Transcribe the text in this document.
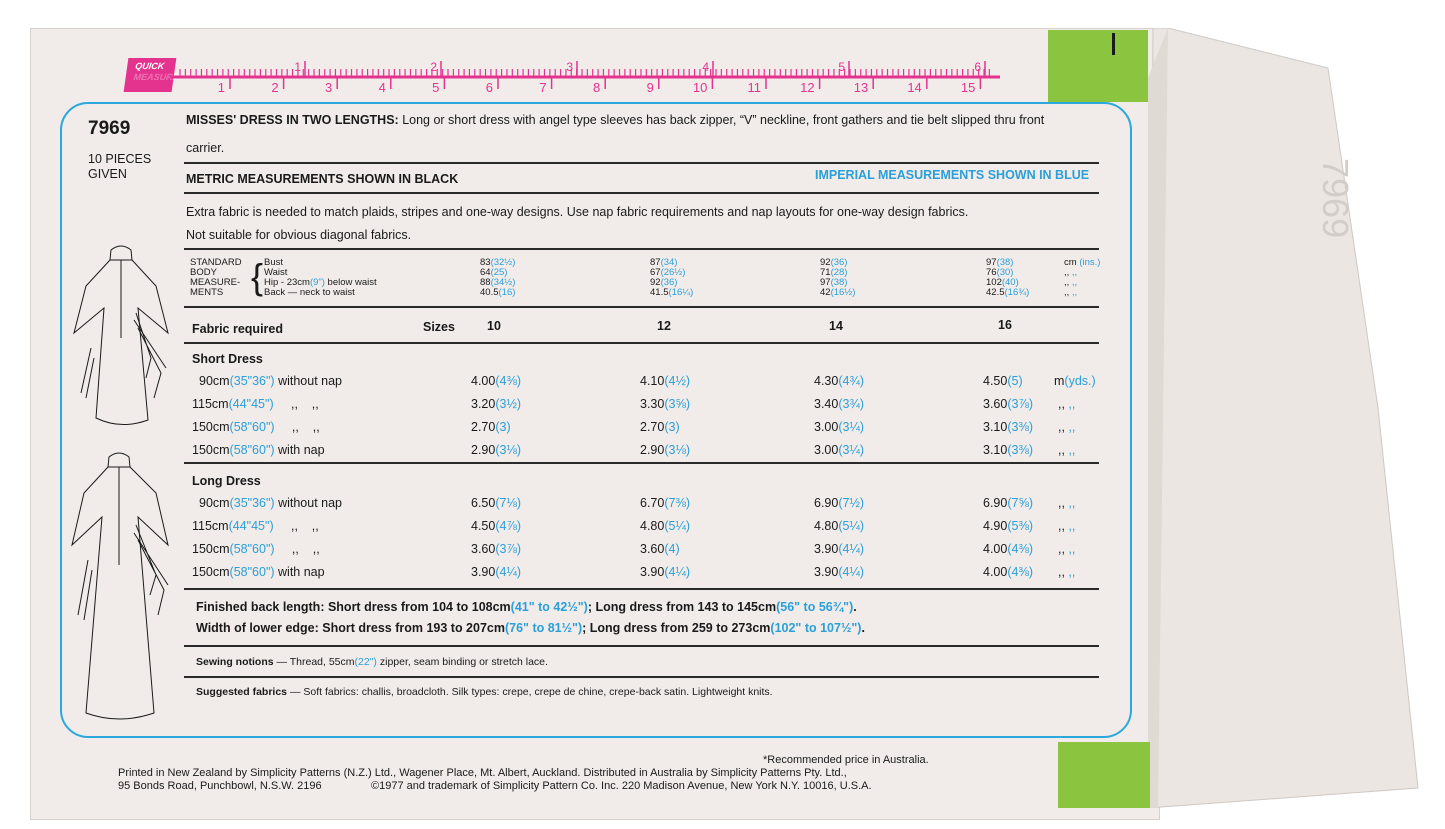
7969
QUICK
MEASURE
1	2	3	4	5	6	7	8	9	10	11	12	13	14	15
1	2	3	4	5	6
7969
10 PIECES
GIVEN
MISSES' DRESS IN TWO LENGTHS: Long or short dress with angel type sleeves has back zipper, “V” neckline, front gathers and tie belt slipped thru front
carrier.
METRIC MEASUREMENTS SHOWN IN BLACK	IMPERIAL MEASUREMENTS SHOWN IN BLUE
Extra fabric is needed to match plaids, stripes and one-way designs. Use nap fabric requirements and nap layouts for one-way design fabrics.
Not suitable for obvious diagonal fabrics.
STANDARD
BODY
MEASURE-
MENTS { Bust	83(32½)	87(34)	92(36)	97(38)	cm (ins.)
Waist	64(25)	67(26½)	71(28)	76(30)	,, ,,
Hip - 23cm(9") below waist	88(34½)	92(36)	97(38)	102(40)	,, ,,
Back — neck to waist	40.5(16)	41.5(16¼)	42(16½)	42.5(16¾)	,, ,,
Fabric required	Sizes	10	12	14	16
Short Dress
90cm(35"36") without nap	4.00(4⅜)	4.10(4½)	4.30(4¾)	4.50(5)	m(yds.)
115cm(44"45")     ,,    ,,	3.20(3½)	3.30(3⅝)	3.40(3¾)	3.60(3⅞) ,, ,,
150cm(58"60")     ,,    ,,	2.70(3)	2.70(3)	3.00(3¼)	3.10(3⅜) ,, ,,
150cm(58"60") with nap	2.90(3⅛)	2.90(3⅛)	3.00(3¼)	3.10(3⅜) ,, ,,
Long Dress
90cm(35"36") without nap	6.50(7⅛)	6.70(7⅜)	6.90(7½)	6.90(7⅝) ,, ,,
115cm(44"45")     ,,    ,,	4.50(4⅞)	4.80(5¼)	4.80(5¼)	4.90(5⅜) ,, ,,
150cm(58"60")     ,,    ,,	3.60(3⅞)	3.60(4)	3.90(4¼)	4.00(4⅜) ,, ,,
150cm(58"60") with nap	3.90(4¼)	3.90(4¼)	3.90(4¼)	4.00(4⅜) ,, ,,
Finished back length: Short dress from 104 to 108cm(41" to 42½"); Long dress from 143 to 145cm(56" to 56¾").
Width of lower edge: Short dress from 193 to 207cm(76" to 81½"); Long dress from 259 to 273cm(102" to 107½").
Sewing notions — Thread, 55cm(22") zipper, seam binding or stretch lace.
Suggested fabrics — Soft fabrics: challis, broadcloth. Silk types: crepe, crepe de chine, crepe-back satin. Lightweight knits.
*Recommended price in Australia.
Printed in New Zealand by Simplicity Patterns (N.Z.) Ltd., Wagener Place, Mt. Albert, Auckland. Distributed in Australia by Simplicity Patterns Pty. Ltd.,
95 Bonds Road, Punchbowl, N.S.W. 2196	©1977 and trademark of Simplicity Pattern Co. Inc. 220 Madison Avenue, New York N.Y. 10016, U.S.A.
